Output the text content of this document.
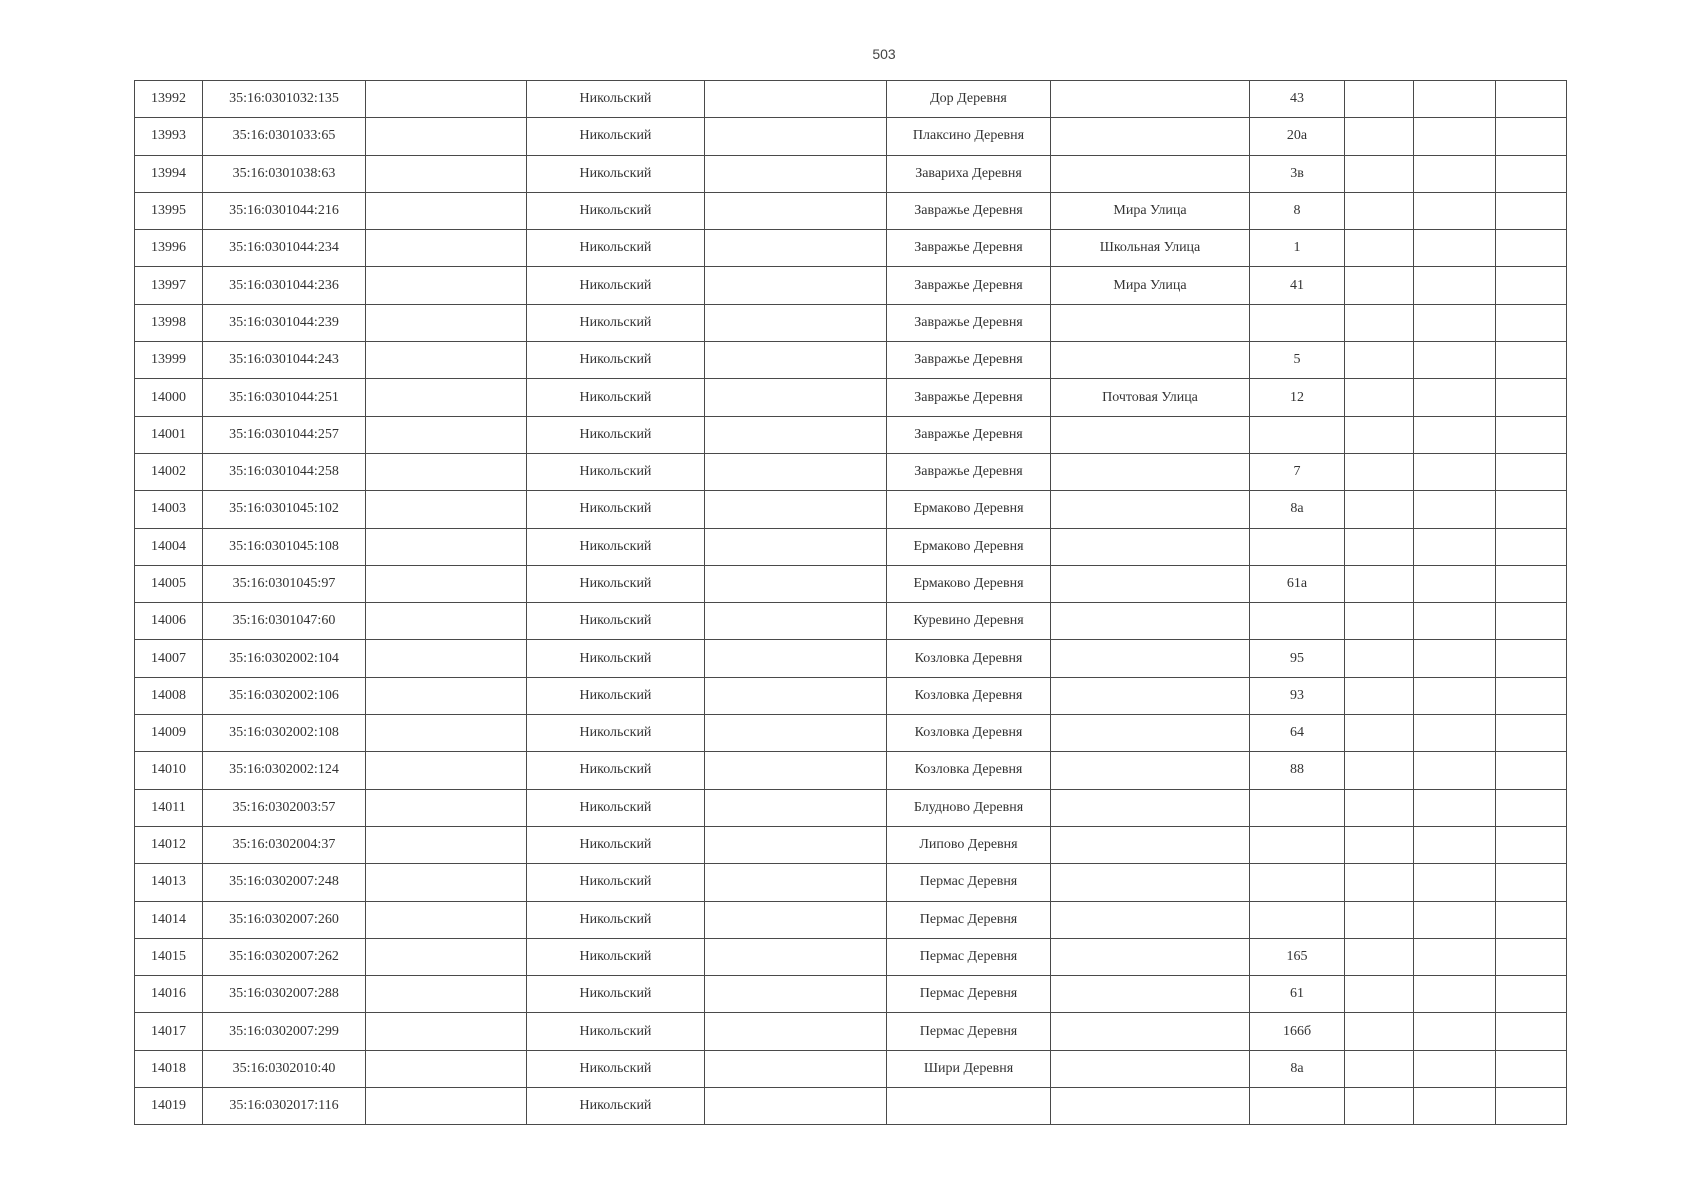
503
13992	35:16:0301032:135		Никольский		Дор Деревня		43			
13993	35:16:0301033:65		Никольский		Плаксино Деревня		20а			
13994	35:16:0301038:63		Никольский		Завариха Деревня		3в			
13995	35:16:0301044:216		Никольский		Завражье Деревня	Мира Улица	8			
13996	35:16:0301044:234		Никольский		Завражье Деревня	Школьная Улица	1			
13997	35:16:0301044:236		Никольский		Завражье Деревня	Мира Улица	41			
13998	35:16:0301044:239		Никольский		Завражье Деревня					
13999	35:16:0301044:243		Никольский		Завражье Деревня		5			
14000	35:16:0301044:251		Никольский		Завражье Деревня	Почтовая Улица	12			
14001	35:16:0301044:257		Никольский		Завражье Деревня					
14002	35:16:0301044:258		Никольский		Завражье Деревня		7			
14003	35:16:0301045:102		Никольский		Ермаково Деревня		8а			
14004	35:16:0301045:108		Никольский		Ермаково Деревня					
14005	35:16:0301045:97		Никольский		Ермаково Деревня		61а			
14006	35:16:0301047:60		Никольский		Куревино Деревня					
14007	35:16:0302002:104		Никольский		Козловка Деревня		95			
14008	35:16:0302002:106		Никольский		Козловка Деревня		93			
14009	35:16:0302002:108		Никольский		Козловка Деревня		64			
14010	35:16:0302002:124		Никольский		Козловка Деревня		88			
14011	35:16:0302003:57		Никольский		Блудново Деревня					
14012	35:16:0302004:37		Никольский		Липово Деревня					
14013	35:16:0302007:248		Никольский		Пермас Деревня					
14014	35:16:0302007:260		Никольский		Пермас Деревня					
14015	35:16:0302007:262		Никольский		Пермас Деревня		165			
14016	35:16:0302007:288		Никольский		Пермас Деревня		61			
14017	35:16:0302007:299		Никольский		Пермас Деревня		166б			
14018	35:16:0302010:40		Никольский		Шири Деревня		8а			
14019	35:16:0302017:116		Никольский							
